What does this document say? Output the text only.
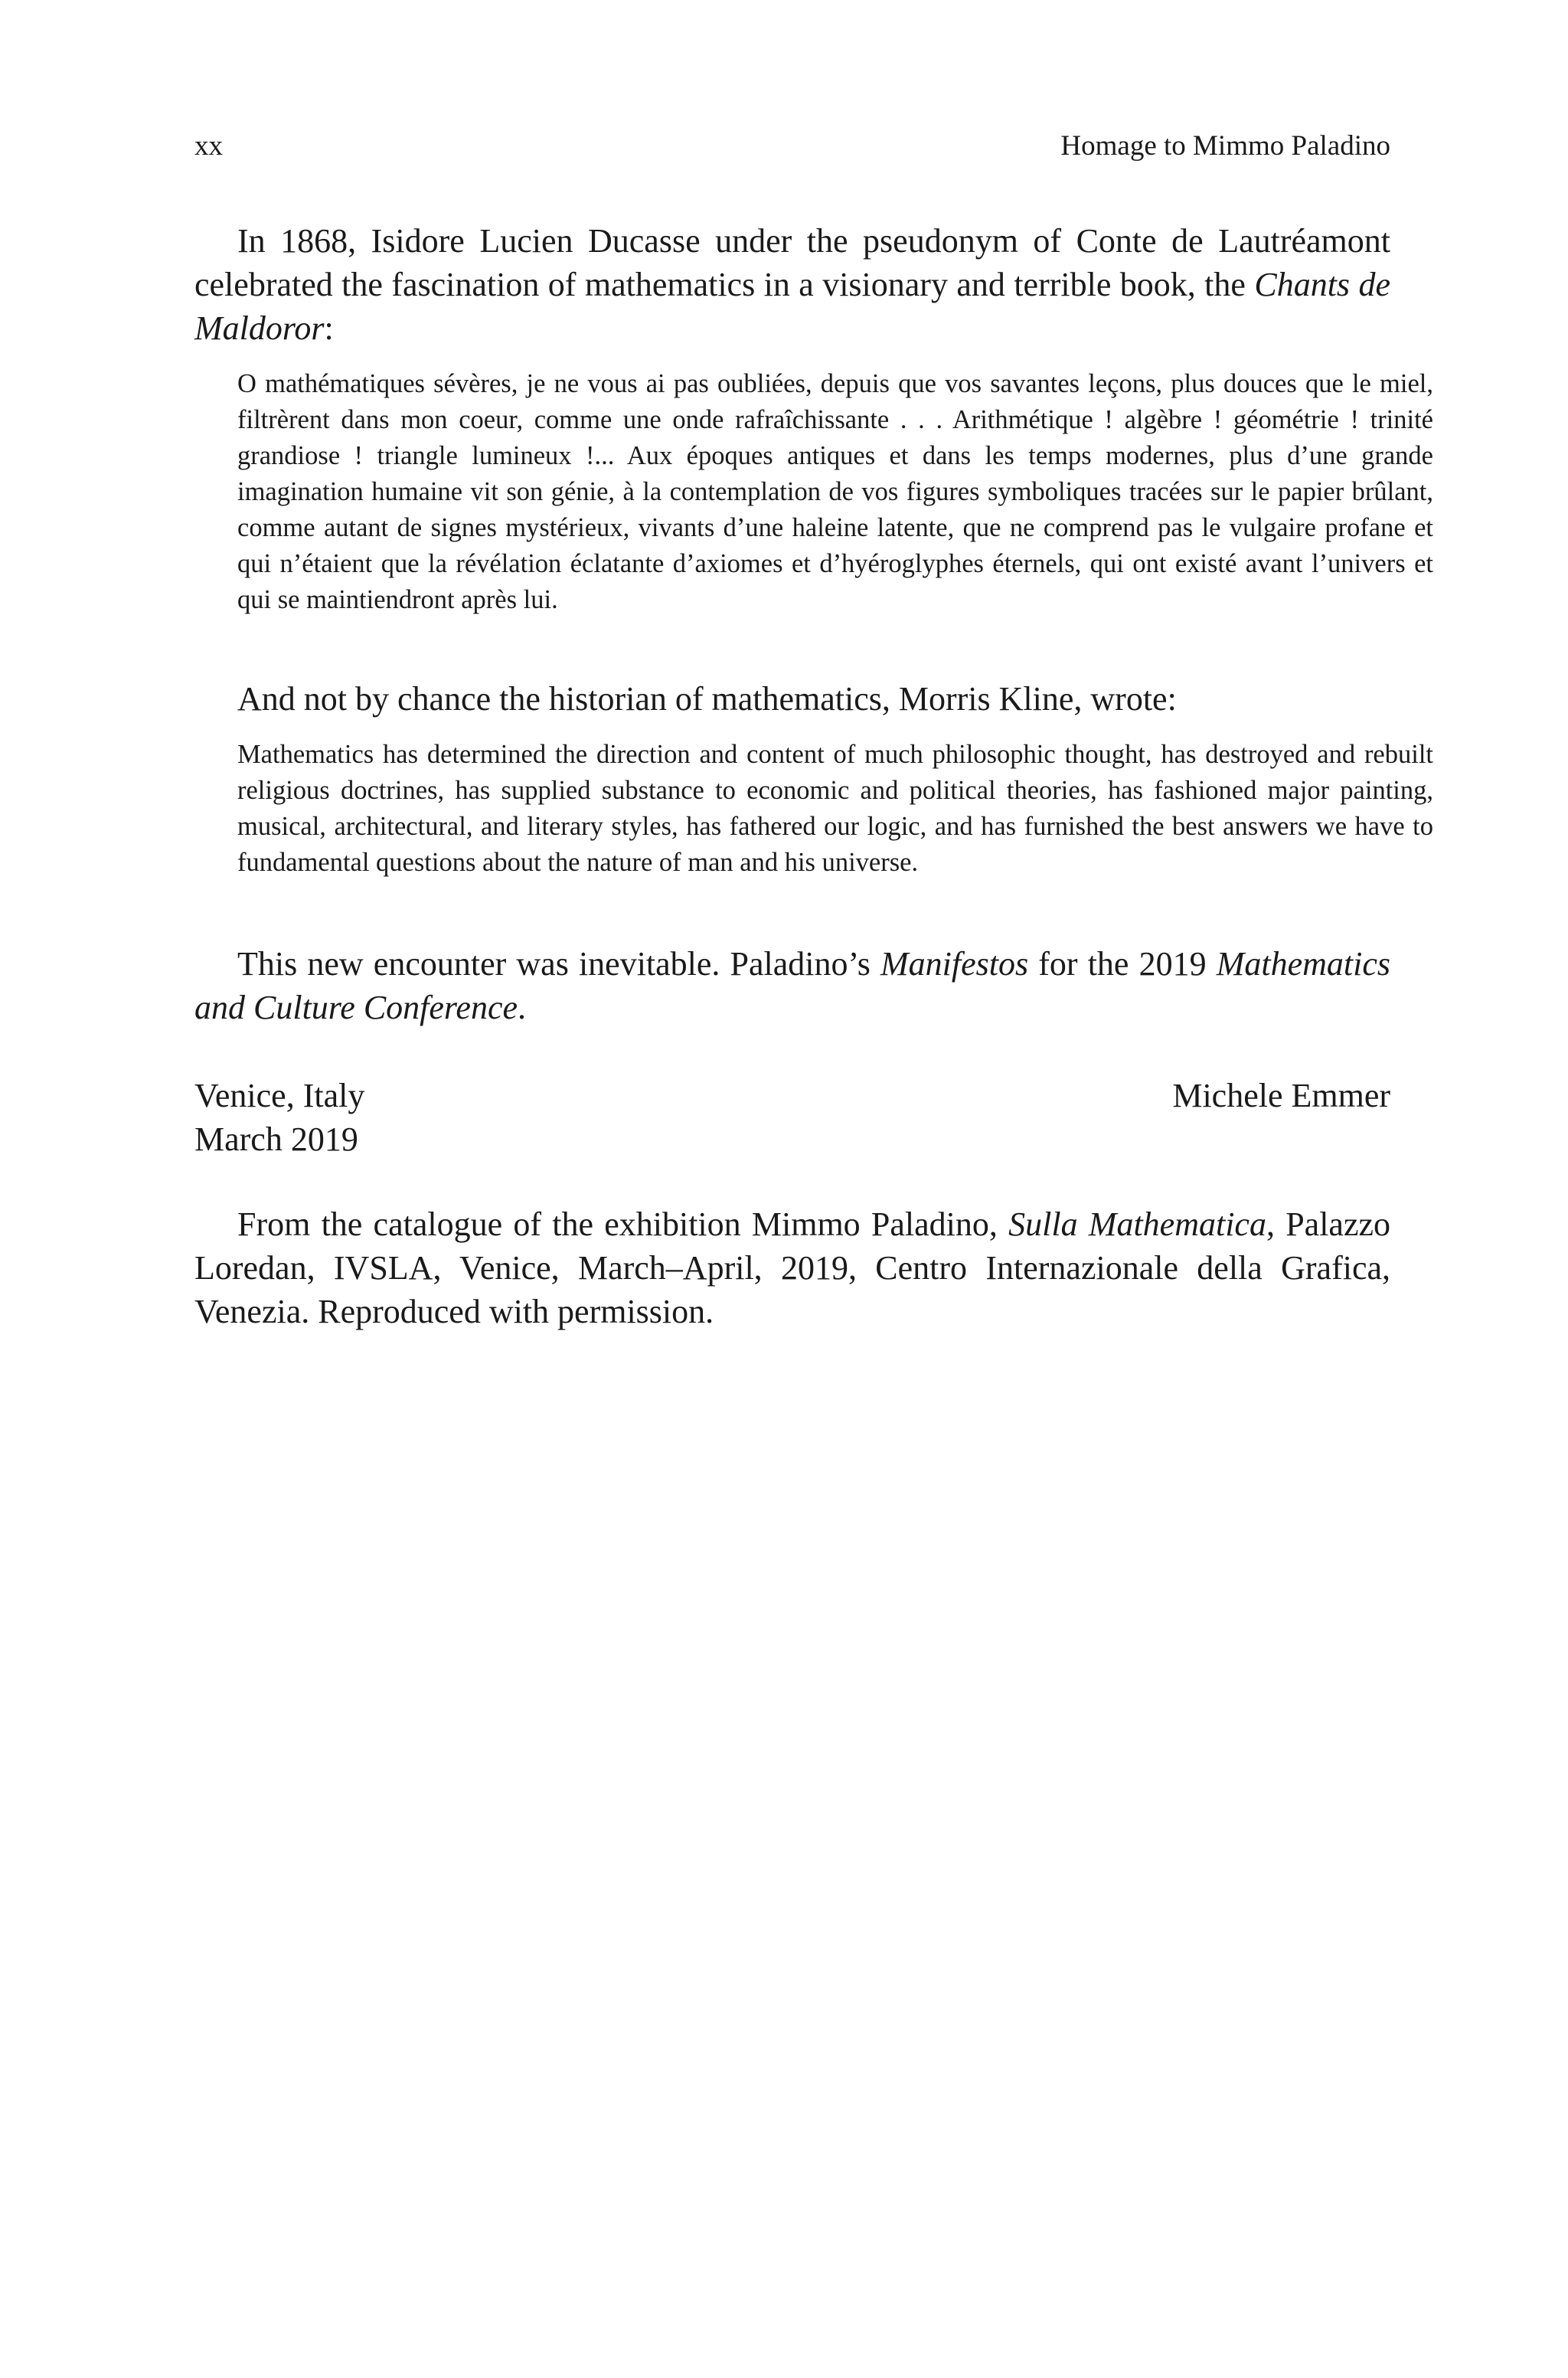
xx	Homage to Mimmo Paladino

In 1868, Isidore Lucien Ducasse under the pseudonym of Conte de Lautréamont celebrated the fascination of mathematics in a visionary and terrible book, the Chants de Maldoror:

O mathématiques sévères, je ne vous ai pas oubliées, depuis que vos savantes leçons, plus douces que le miel, filtrèrent dans mon coeur, comme une onde rafraîchissante . . . Arithmétique ! algèbre ! géométrie ! trinité grandiose ! triangle lumineux !... Aux époques antiques et dans les temps modernes, plus d’une grande imagination humaine vit son génie, à la contemplation de vos figures symboliques tracées sur le papier brûlant, comme autant de signes mystérieux, vivants d’une haleine latente, que ne comprend pas le vulgaire profane et qui n’étaient que la révélation éclatante d’axiomes et d’hyéroglyphes éternels, qui ont existé avant l’univers et qui se maintiendront après lui.

And not by chance the historian of mathematics, Morris Kline, wrote:

Mathematics has determined the direction and content of much philosophic thought, has destroyed and rebuilt religious doctrines, has supplied substance to economic and political theories, has fashioned major painting, musical, architectural, and literary styles, has fathered our logic, and has furnished the best answers we have to fundamental questions about the nature of man and his universe.

This new encounter was inevitable. Paladino’s Manifestos for the 2019 Mathematics and Culture Conference.

Venice, Italy
March 2019
Michele Emmer

From the catalogue of the exhibition Mimmo Paladino, Sulla Mathematica, Palazzo Loredan, IVSLA, Venice, March–April, 2019, Centro Internazionale della Grafica, Venezia. Reproduced with permission.
